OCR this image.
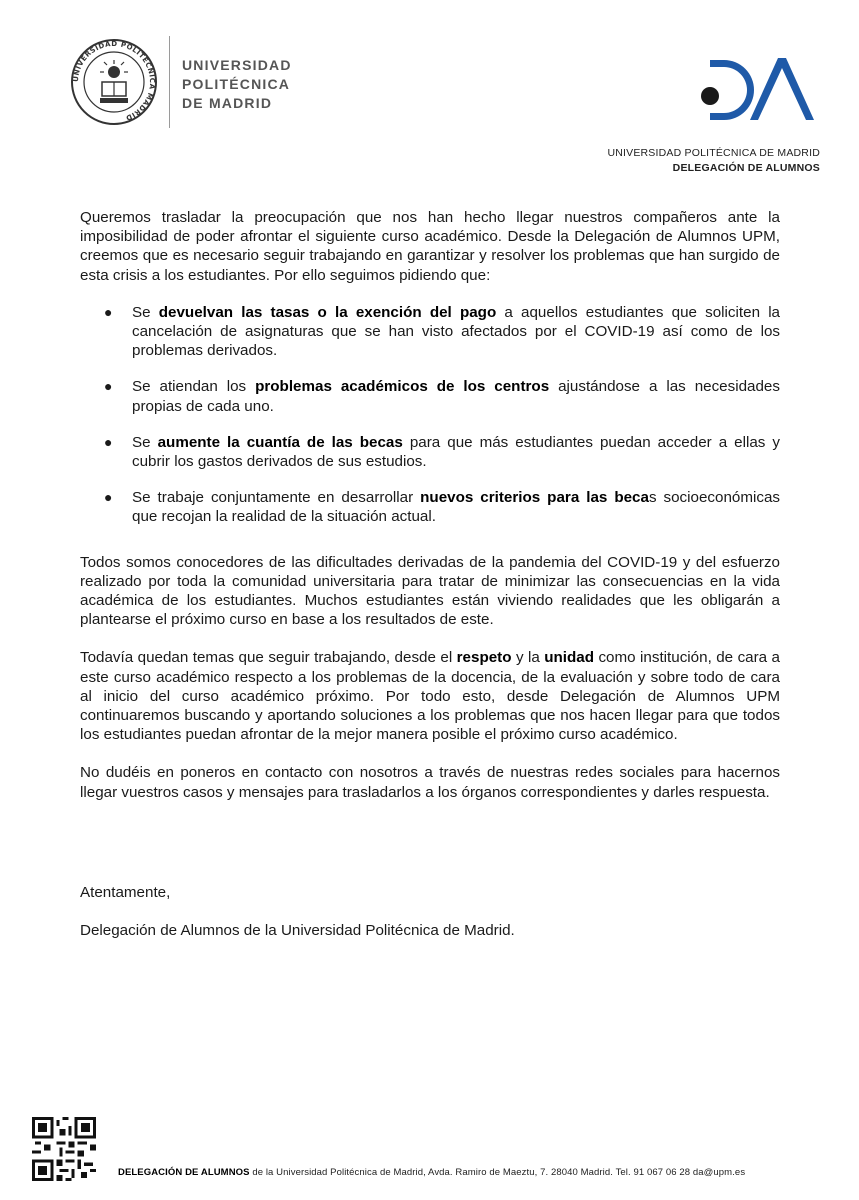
UNIVERSIDAD POLITÉCNICA MADRID
UNIVERSIDAD
POLITÉCNICA
DE MADRID
UNIVERSIDAD POLITÉCNICA DE MADRID
DELEGACIÓN DE ALUMNOS

Queremos trasladar la preocupación que nos han hecho llegar nuestros compañeros ante la imposibilidad de poder afrontar el siguiente curso académico. Desde la Delegación de Alumnos UPM, creemos que es necesario seguir trabajando en garantizar y resolver los problemas que han surgido de esta crisis a los estudiantes. Por ello seguimos pidiendo que:

● Se devuelvan las tasas o la exención del pago a aquellos estudiantes que soliciten la cancelación de asignaturas que se han visto afectados por el COVID-19 así como de los problemas derivados.
● Se atiendan los problemas académicos de los centros ajustándose a las necesidades propias de cada uno.
● Se aumente la cuantía de las becas para que más estudiantes puedan acceder a ellas y cubrir los gastos derivados de sus estudios.
● Se trabaje conjuntamente en desarrollar nuevos criterios para las becas socioeconómicas que recojan la realidad de la situación actual.

Todos somos conocedores de las dificultades derivadas de la pandemia del COVID-19 y del esfuerzo realizado por toda la comunidad universitaria para tratar de minimizar las consecuencias en la vida académica de los estudiantes. Muchos estudiantes están viviendo realidades que les obligarán a plantearse el próximo curso en base a los resultados de este.

Todavía quedan temas que seguir trabajando, desde el respeto y la unidad como institución, de cara a este curso académico respecto a los problemas de la docencia, de la evaluación y sobre todo de cara al inicio del curso académico próximo. Por todo esto, desde Delegación de Alumnos UPM continuaremos buscando y aportando soluciones a los problemas que nos hacen llegar para que todos los estudiantes puedan afrontar de la mejor manera posible el próximo curso académico.

No dudéis en poneros en contacto con nosotros a través de nuestras redes sociales para hacernos llegar vuestros casos y mensajes para trasladarlos a los órganos correspondientes y darles respuesta.

Atentamente,
Delegación de Alumnos de la Universidad Politécnica de Madrid.
DELEGACIÓN DE ALUMNOS de la Universidad Politécnica de Madrid, Avda. Ramiro de Maeztu, 7. 28040 Madrid. Tel. 91 067 06 28 da@upm.es
